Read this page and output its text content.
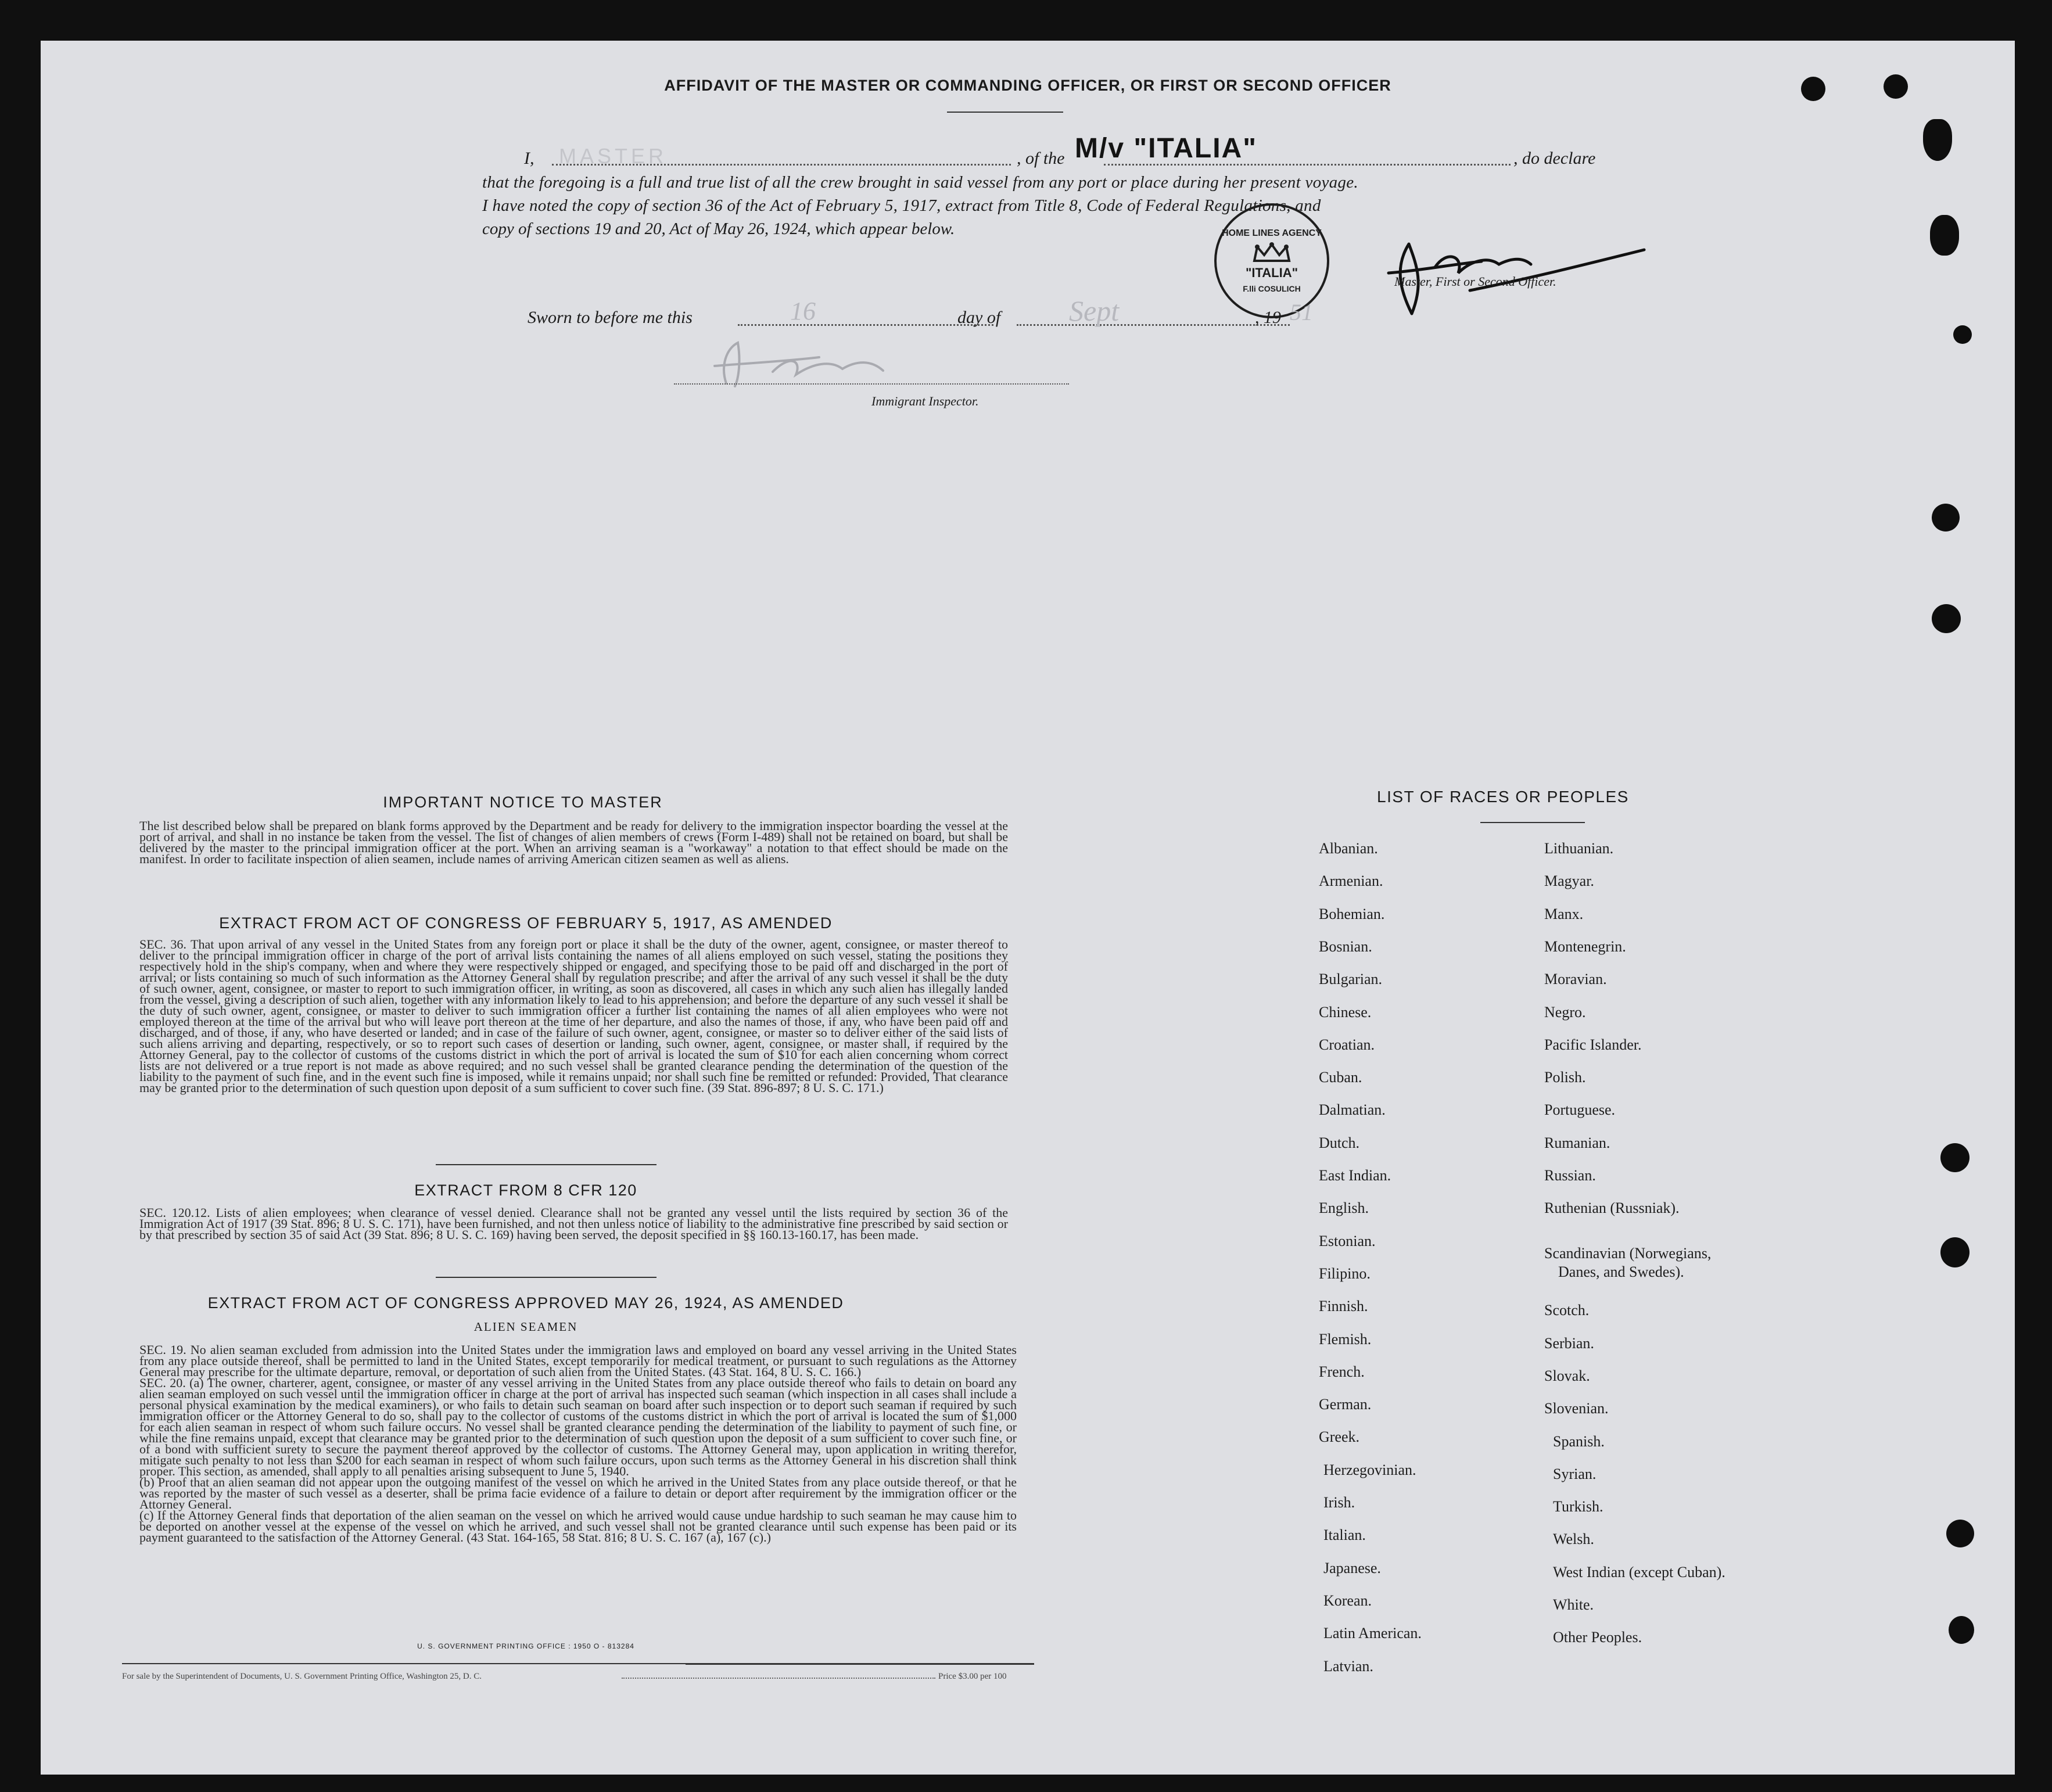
AFFIDAVIT OF THE MASTER OR COMMANDING OFFICER, OR FIRST OR SECOND OFFICER
I, MASTER	, of the M/v "ITALIA"	, do declare
that the foregoing is a full and true list of all the crew brought in said vessel from any port or place during her present voyage.
I have noted the copy of section 36 of the Act of February 5, 1917, extract from Title 8, Code of Federal Regulations, and
copy of sections 19 and 20, Act of May 26, 1924, which appear below.	HOME LINES AGENCY
"ITALIA"
F.lli COSULICH	Master, First or Second Officer.
Sworn to before me this	16	day of Sept	, 19 51
Immigrant Inspector.
IMPORTANT NOTICE TO MASTER

The list described below shall be prepared on blank forms approved by the Department and be ready for delivery to the immigration inspector boarding the vessel at the port of arrival, and shall in no instance be taken from the vessel. The list of changes of alien members of crews (Form I-489) shall not be retained on board, but shall be delivered by the master to the principal immigration officer at the port. When an arriving seaman is a "workaway" a notation to that effect should be made on the manifest. In order to facilitate inspection of alien seamen, include names of arriving American citizen seamen as well as aliens.

EXTRACT FROM ACT OF CONGRESS OF FEBRUARY 5, 1917, AS AMENDED

SEC. 36. That upon arrival of any vessel in the United States from any foreign port or place it shall be the duty of the owner, agent, consignee, or master thereof to deliver to the principal immigration officer in charge of the port of arrival lists containing the names of all aliens employed on such vessel, stating the positions they respectively hold in the ship's company, when and where they were respectively shipped or engaged, and specifying those to be paid off and discharged in the port of arrival; or lists containing so much of such information as the Attorney General shall by regulation prescribe; and after the arrival of any such vessel it shall be the duty of such owner, agent, consignee, or master to report to such immigration officer, in writing, as soon as discovered, all cases in which any such alien has illegally landed from the vessel, giving a description of such alien, together with any information likely to lead to his apprehension; and before the departure of any such vessel it shall be the duty of such owner, agent, consignee, or master to deliver to such immigration officer a further list containing the names of all alien employees who were not employed thereon at the time of the arrival but who will leave port thereon at the time of her departure, and also the names of those, if any, who have been paid off and discharged, and of those, if any, who have deserted or landed; and in case of the failure of such owner, agent, consignee, or master so to deliver either of the said lists of such aliens arriving and departing, respectively, or so to report such cases of desertion or landing, such owner, agent, consignee, or master shall, if required by the Attorney General, pay to the collector of customs of the customs district in which the port of arrival is located the sum of $10 for each alien concerning whom correct lists are not delivered or a true report is not made as above required; and no such vessel shall be granted clearance pending the determination of the question of the liability to the payment of such fine, and in the event such fine is imposed, while it remains unpaid; nor shall such fine be remitted or refunded: Provided, That clearance may be granted prior to the determination of such question upon deposit of a sum sufficient to cover such fine. (39 Stat. 896-897; 8 U. S. C. 171.)

EXTRACT FROM 8 CFR 120

SEC. 120.12. Lists of alien employees; when clearance of vessel denied. Clearance shall not be granted any vessel until the lists required by section 36 of the Immigration Act of 1917 (39 Stat. 896; 8 U. S. C. 171), have been furnished, and not then unless notice of liability to the administrative fine prescribed by said section or by that prescribed by section 35 of said Act (39 Stat. 896; 8 U. S. C. 169) having been served, the deposit specified in §§ 160.13-160.17, has been made.

EXTRACT FROM ACT OF CONGRESS APPROVED MAY 26, 1924, AS AMENDED
ALIEN SEAMEN

SEC. 19. No alien seaman excluded from admission into the United States under the immigration laws and employed on board any vessel arriving in the United States from any place outside thereof, shall be permitted to land in the United States, except temporarily for medical treatment, or pursuant to such regulations as the Attorney General may prescribe for the ultimate departure, removal, or deportation of such alien from the United States. (43 Stat. 164, 8 U. S. C. 166.)

SEC. 20. (a) The owner, charterer, agent, consignee, or master of any vessel arriving in the United States from any place outside thereof who fails to detain on board any alien seaman employed on such vessel until the immigration officer in charge at the port of arrival has inspected such seaman (which inspection in all cases shall include a personal physical examination by the medical examiners), or who fails to detain such seaman on board after such inspection or to deport such seaman if required by such immigration officer or the Attorney General to do so, shall pay to the collector of customs of the customs district in which the port of arrival is located the sum of $1,000 for each alien seaman in respect of whom such failure occurs. No vessel shall be granted clearance pending the determination of the liability to payment of such fine, or while the fine remains unpaid, except that clearance may be granted prior to the determination of such question upon the deposit of a sum sufficient to cover such fine, or of a bond with sufficient surety to secure the payment thereof approved by the collector of customs. The Attorney General may, upon application in writing therefor, mitigate such penalty to not less than $200 for each seaman in respect of whom such failure occurs, upon such terms as the Attorney General in his discretion shall think proper. This section, as amended, shall apply to all penalties arising subsequent to June 5, 1940.

(b) Proof that an alien seaman did not appear upon the outgoing manifest of the vessel on which he arrived in the United States from any place outside thereof, or that he was reported by the master of such vessel as a deserter, shall be prima facie evidence of a failure to detain or deport after requirement by the immigration officer or the Attorney General.

(c) If the Attorney General finds that deportation of the alien seaman on the vessel on which he arrived would cause undue hardship to such seaman he may cause him to be deported on another vessel at the expense of the vessel on which he arrived, and such vessel shall not be granted clearance until such expense has been paid or its payment guaranteed to the satisfaction of the Attorney General. (43 Stat. 164-165, 58 Stat. 816; 8 U. S. C. 167 (a), 167 (c).)

U. S. GOVERNMENT PRINTING OFFICE : 1950 O - 813284
For sale by the Superintendent of Documents, U. S. Government Printing Office, Washington 25, D. C.	Price $3.00 per 100
LIST OF RACES OR PEOPLES
Albanian.
Armenian.
Bohemian.
Bosnian.
Bulgarian.
Chinese.
Croatian.
Cuban.
Dalmatian.
Dutch.
East Indian.
English.
Estonian.
Filipino.
Finnish.
Flemish.
French.
German.
Greek.
Herzegovinian.
Irish.
Italian.
Japanese.
Korean.
Latin American.
Latvian.
Lithuanian.
Magyar.
Manx.
Montenegrin.
Moravian.
Negro.
Pacific Islander.
Polish.
Portuguese.
Rumanian.
Russian.
Ruthenian (Russniak).
Scandinavian (Norwegians,
Danes, and Swedes).
Scotch.
Serbian.
Slovak.
Slovenian.
Spanish.
Syrian.
Turkish.
Welsh.
West Indian (except Cuban).
White.
Other Peoples.
